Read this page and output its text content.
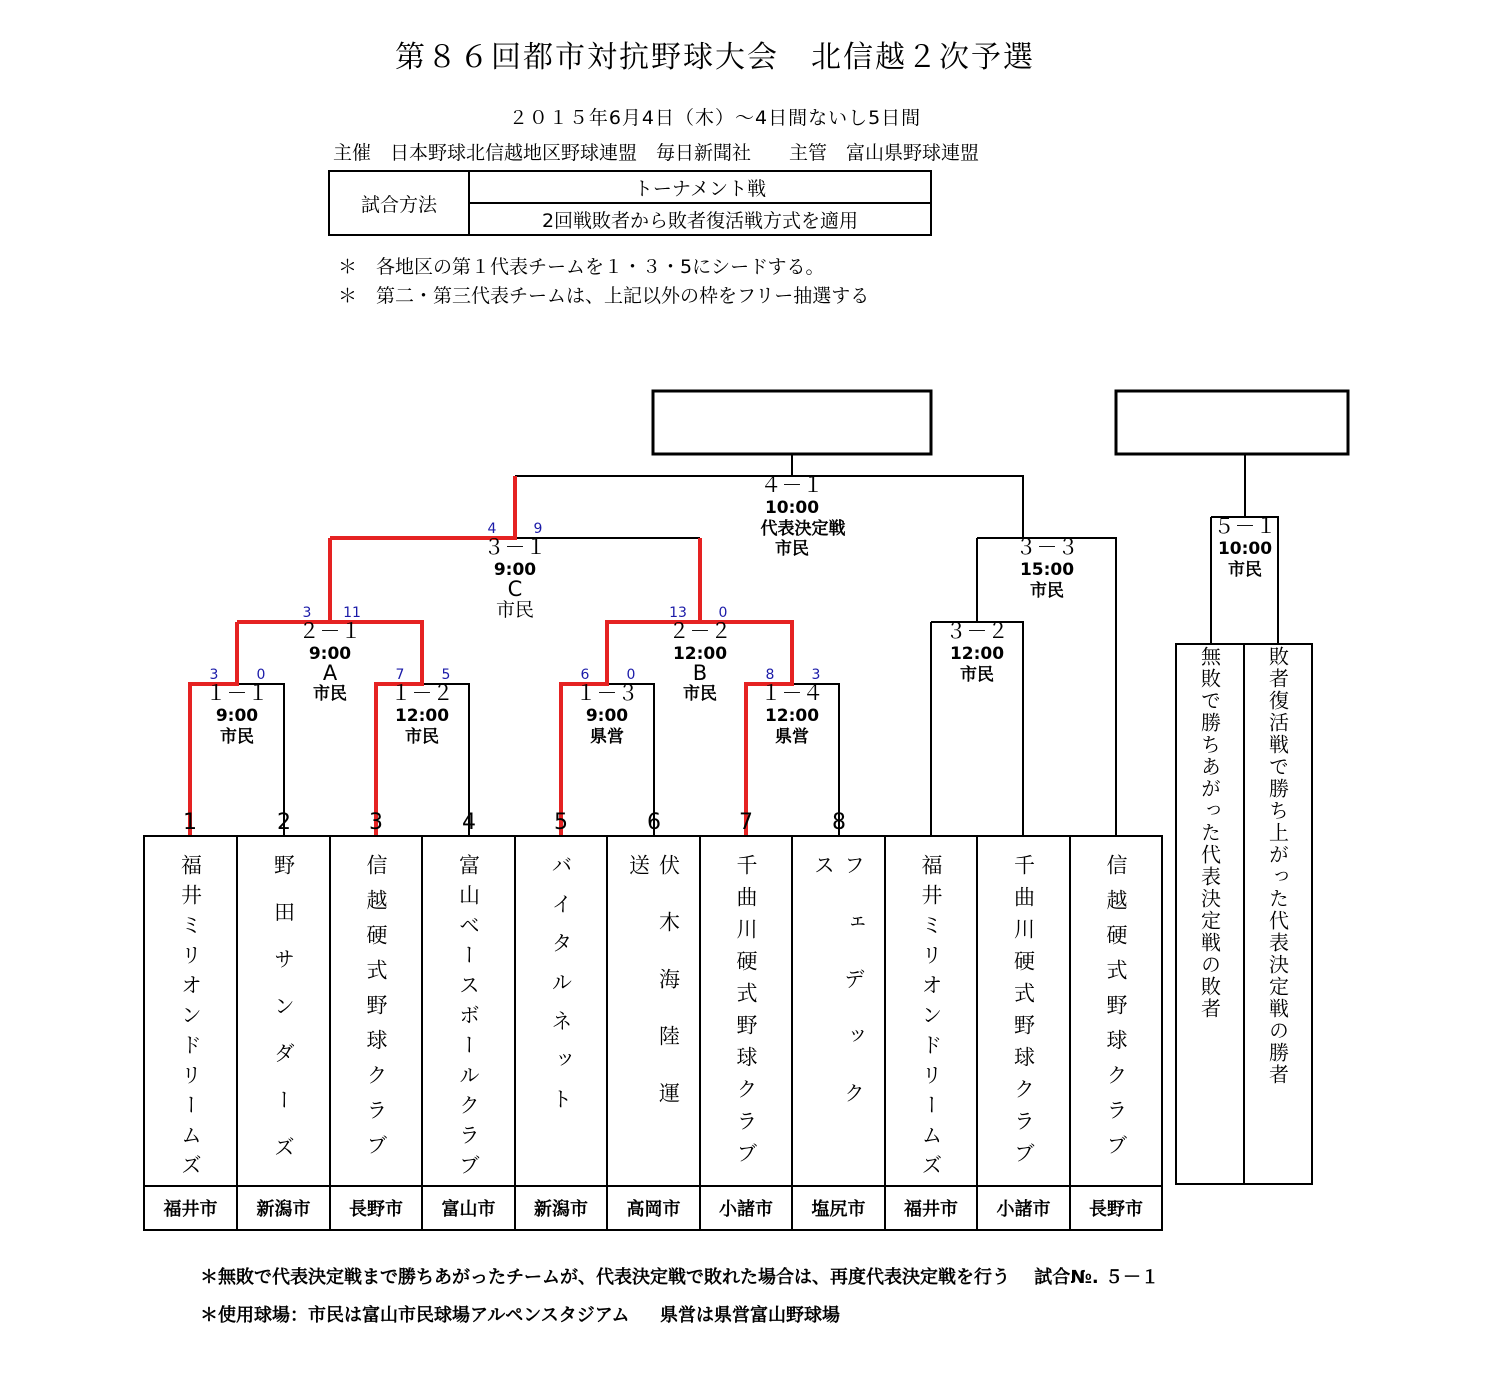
第８６回都市対抗野球大会　北信越２次予選
２０１５年6月4日（木）～4日間ないし5日間
主催　日本野球北信越地区野球連盟　毎日新聞社　　主管　富山県野球連盟
試合方法	トーナメント戦
2回戦敗者から敗者復活戦方式を適用
＊　各地区の第１代表チームを１・３・5にシードする。
＊　第二・第三代表チームは、上記以外の枠をフリー抽選する
1	2	3	4	5	6	7	8
3	0	7	5	6	0	8	3
3 11	13 0
4	9
１－１	１－２	１－３	１－４
２－１	２－２
３－１
３－２
３－３
４－１
５－１
A	B
C
9:00
市民
12:00
市民
9:00
県営
12:00
県営
9:00
市民
12:00
市民
9:00
市民
12:00
市民
15:00
市民
10:00
代表決定戦
市民	10:00
市民
福井ミリオンドリームズ	野田サンダーズ	信越硬式野球クラブ	富山ベースボールクラブ	バイタルネット	伏木海陸運送	千曲川硬式野球クラブ	フェデックス	福井ミリオンドリームズ	千曲川硬式野球クラブ	信越硬式野球クラブ
福井市	新潟市	長野市	富山市	新潟市	高岡市	小諸市	塩尻市	福井市	小諸市	長野市
無敗で勝ちあがった代表決定戦の敗者 敗者復活戦で勝ち上がった代表決定戦の勝者
＊無敗で代表決定戦まで勝ちあがったチームが、代表決定戦で敗れた場合は、再度代表決定戦を行う　 試合№. ５－１
＊使用球場：市民は富山市民球場アルペンスタジアム　  県営は県営富山野球場
